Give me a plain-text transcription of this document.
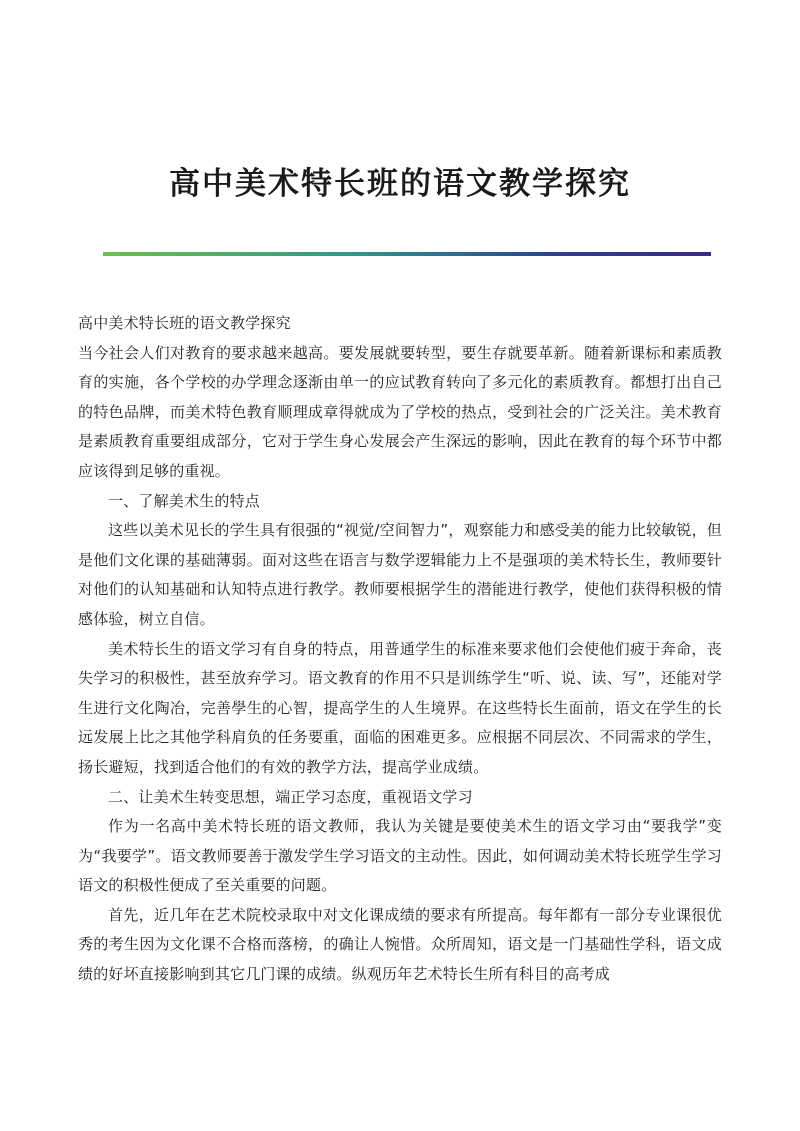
高中美术特长班的语文教学探究

高中美术特长班的语文教学探究

当今社会人们对教育的要求越来越高。要发展就要转型，要生存就要革新。随着新课标和素质教育的实施，各个学校的办学理念逐渐由单一的应试教育转向了多元化的素质教育。都想打出自己的特色品牌，而美术特色教育顺理成章得就成为了学校的热点，受到社会的广泛关注。美术教育是素质教育重要组成部分，它对于学生身心发展会产生深远的影响，因此在教育的每个环节中都应该得到足够的重视。

一、了解美术生的特点

这些以美术见长的学生具有很强的“视觉/空间智力”，观察能力和感受美的能力比较敏锐，但是他们文化课的基础薄弱。面对这些在语言与数学逻辑能力上不是强项的美术特长生，教师要针对他们的认知基础和认知特点进行教学。教师要根据学生的潜能进行教学，使他们获得积极的情感体验，树立自信。

美术特长生的语文学习有自身的特点，用普通学生的标准来要求他们会使他们疲于奔命，丧失学习的积极性，甚至放弃学习。语文教育的作用不只是训练学生“听、说、读、写”，还能对学生进行文化陶冶，完善學生的心智，提高学生的人生境界。在这些特长生面前，语文在学生的长远发展上比之其他学科肩负的任务要重，面临的困难更多。应根据不同层次、不同需求的学生，扬长避短，找到适合他们的有效的教学方法，提高学业成绩。

二、让美术生转变思想，端正学习态度，重视语文学习

作为一名高中美术特长班的语文教师，我认为关键是要使美术生的语文学习由“要我学”变为“我要学”。语文教师要善于激发学生学习语文的主动性。因此，如何调动美术特长班学生学习语文的积极性便成了至关重要的问题。

首先，近几年在艺术院校录取中对文化课成绩的要求有所提高。每年都有一部分专业课很优秀的考生因为文化课不合格而落榜，的确让人惋惜。众所周知，语文是一门基础性学科，语文成绩的好坏直接影响到其它几门课的成绩。纵观历年艺术特长生所有科目的高考成
